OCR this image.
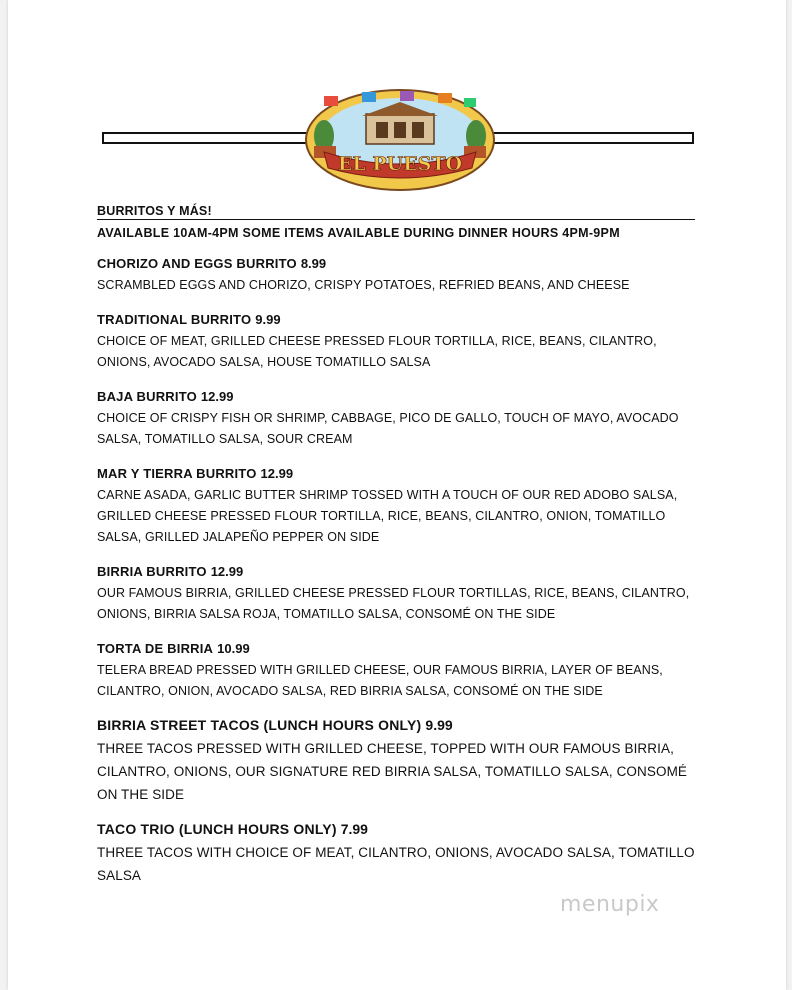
EL PUESTO
BURRITOS Y MÁS!
AVAILABLE 10AM-4PM SOME ITEMS AVAILABLE DURING DINNER HOURS 4PM-9PM
CHORIZO AND EGGS BURRITO 8.99
SCRAMBLED EGGS AND CHORIZO, CRISPY POTATOES, REFRIED BEANS, AND CHEESE
TRADITIONAL BURRITO 9.99
CHOICE OF MEAT, GRILLED CHEESE PRESSED FLOUR TORTILLA, RICE, BEANS, CILANTRO, ONIONS, AVOCADO SALSA, HOUSE TOMATILLO SALSA
BAJA BURRITO 12.99
CHOICE OF CRISPY FISH OR SHRIMP, CABBAGE, PICO DE GALLO, TOUCH OF MAYO, AVOCADO SALSA, TOMATILLO SALSA, SOUR CREAM
MAR Y TIERRA BURRITO 12.99
CARNE ASADA, GARLIC BUTTER SHRIMP TOSSED WITH A TOUCH OF OUR RED ADOBO SALSA, GRILLED CHEESE PRESSED FLOUR TORTILLA, RICE, BEANS, CILANTRO, ONION, TOMATILLO SALSA, GRILLED JALAPEÑO PEPPER ON SIDE
BIRRIA BURRITO 12.99
OUR FAMOUS BIRRIA, GRILLED CHEESE PRESSED FLOUR TORTILLAS, RICE, BEANS, CILANTRO, ONIONS, BIRRIA SALSA ROJA, TOMATILLO SALSA, CONSOMÉ ON THE SIDE
TORTA DE BIRRIA 10.99
TELERA BREAD PRESSED WITH GRILLED CHEESE, OUR FAMOUS BIRRIA, LAYER OF BEANS, CILANTRO, ONION, AVOCADO SALSA, RED BIRRIA SALSA, CONSOMÉ ON THE SIDE
BIRRIA STREET TACOS (LUNCH HOURS ONLY) 9.99
THREE TACOS PRESSED WITH GRILLED CHEESE, TOPPED WITH OUR FAMOUS BIRRIA, CILANTRO, ONIONS, OUR SIGNATURE RED BIRRIA SALSA, TOMATILLO SALSA, CONSOMÉ ON THE SIDE
TACO TRIO (LUNCH HOURS ONLY) 7.99
THREE TACOS WITH CHOICE OF MEAT, CILANTRO, ONIONS, AVOCADO SALSA, TOMATILLO SALSA
menupix
